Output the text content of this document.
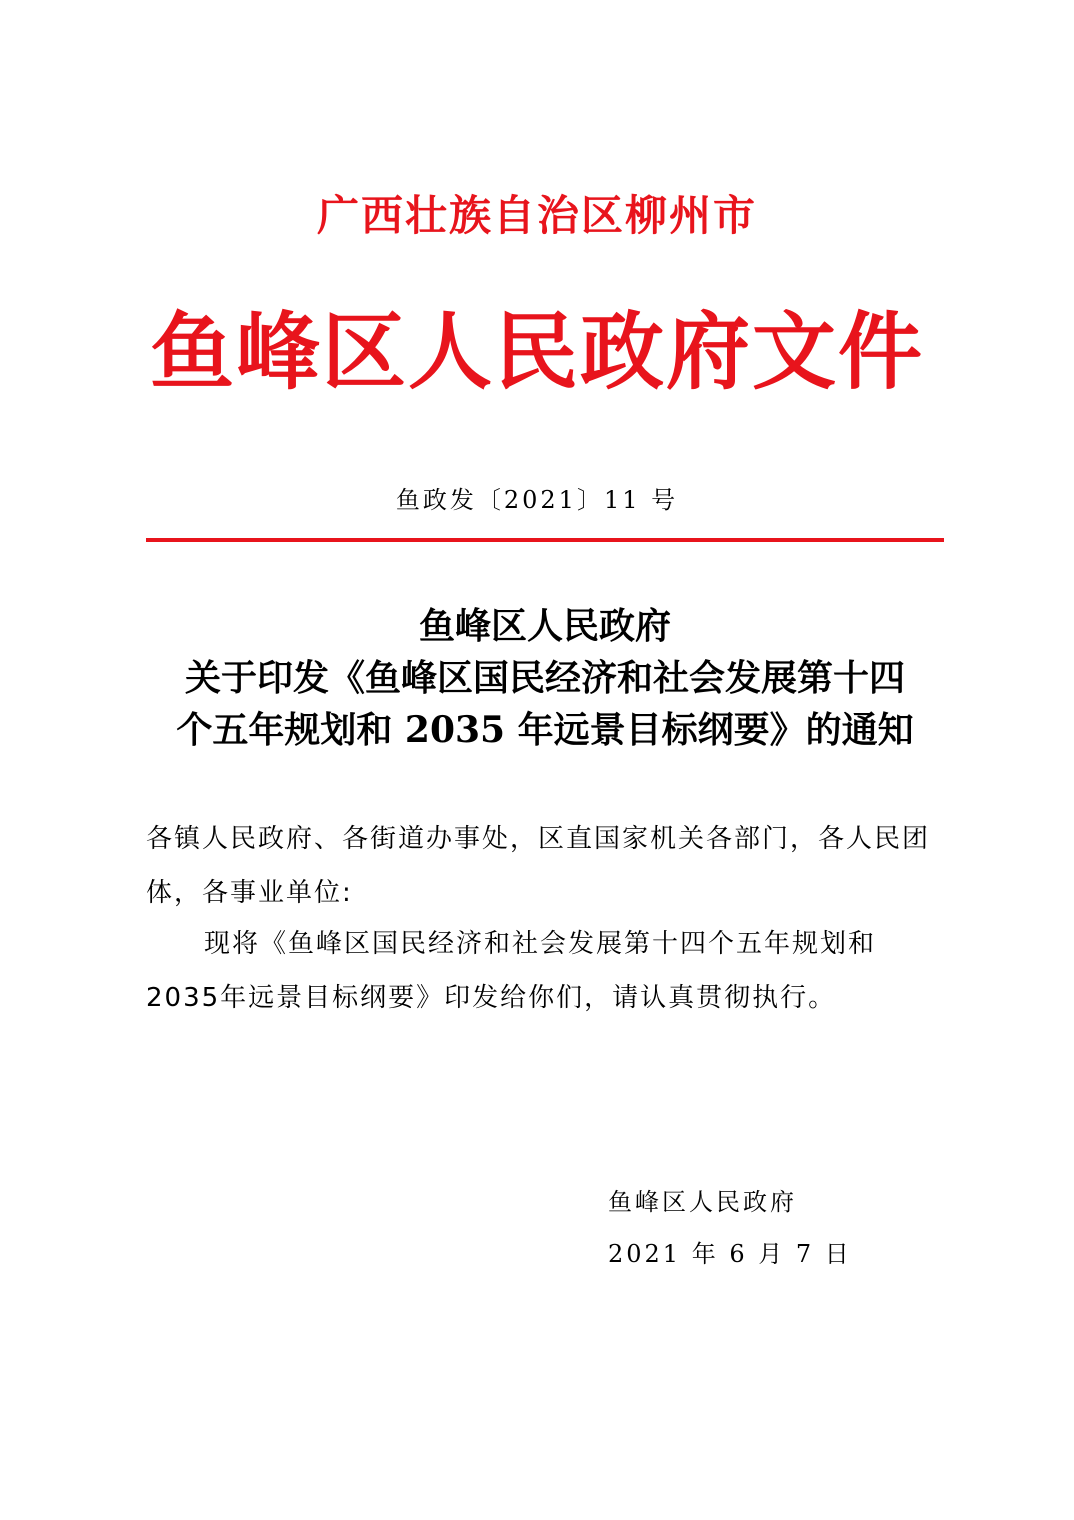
广西壮族自治区柳州市
鱼峰区人民政府文件
鱼政发〔2021〕11 号
鱼峰区人民政府
关于印发《鱼峰区国民经济和社会发展第十四
个五年规划和 2035 年远景目标纲要》的通知
各镇人民政府、各街道办事处，区直国家机关各部门，各人民团体，各事业单位:
现将《鱼峰区国民经济和社会发展第十四个五年规划和2035年远景目标纲要》印发给你们，请认真贯彻执行。
鱼峰区人民政府
2021 年 6 月 7 日
